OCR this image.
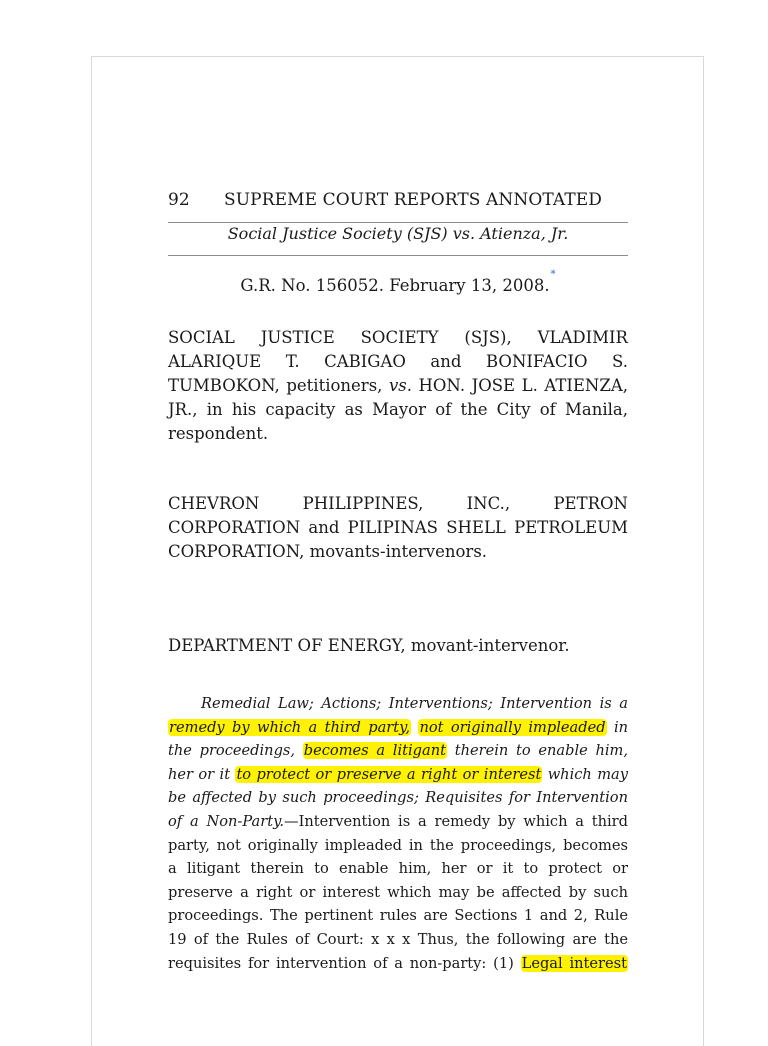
92 SUPREME COURT REPORTS ANNOTATED
Social Justice Society (SJS) vs. Atienza, Jr.
G.R. No. 156052. February 13, 2008.*
SOCIAL JUSTICE SOCIETY (SJS), VLADIMIR ALARIQUE T. CABIGAO and BONIFACIO S. TUMBOKON, petitioners, vs. HON. JOSE L. ATIENZA, JR., in his capacity as Mayor of the City of Manila, respondent.
CHEVRON PHILIPPINES, INC., PETRON CORPORATION and PILIPINAS SHELL PETROLEUM CORPORATION, movants-intervenors.
DEPARTMENT OF ENERGY, movant-intervenor.
Remedial Law; Actions; Interventions; Intervention is a
remedy by which a third party, not originally impleaded in
the proceedings, becomes a litigant therein to enable him,
her or it to protect or preserve a right or interest which may
be affected by such proceedings; Requisites for Intervention
of a Non-Party.—Intervention is a remedy by which a third
party, not originally impleaded in the proceedings, becomes
a litigant therein to enable him, her or it to protect or
preserve a right or interest which may be affected by such
proceedings. The pertinent rules are Sections 1 and 2, Rule
19 of the Rules of Court: x x x Thus, the following are the
requisites for intervention of a non-party: (1) Legal interest
